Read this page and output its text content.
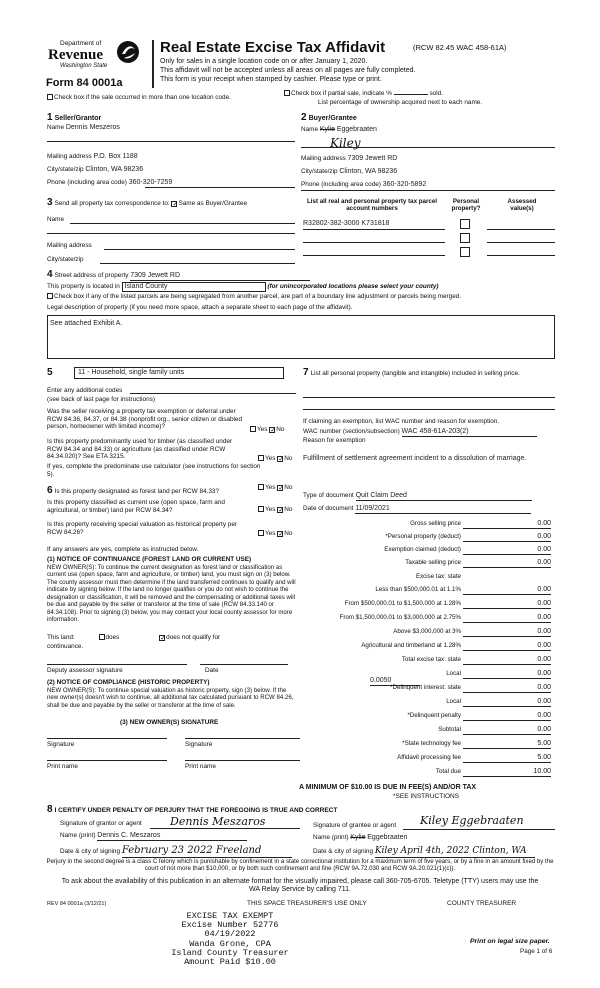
Department of
Revenue
Washington State
Form 84 0001a
Real Estate Excise Tax Affidavit	(RCW 82.45 WAC 458-61A)
Only for sales in a single location code on or after January 1, 2020.
This affidavit will not be accepted unless all areas on all pages are fully completed.
This form is your receipt when stamped by cashier. Please type or print.
Check box if the sale occurred in more than one location code.
Check box if partial sale, indicate %	sold.
List percentage of ownership acquired next to each name.
1 Seller/Grantor
Name Dennis Meszeros
Mailing address P.O. Box 1188
City/state/zip Clinton, WA 98236
Phone (including area code) 360-320-7259
2 Buyer/Grantee
Name Kylie Eggebraaten
Kiley
Mailing address 7309 Jewett RD
City/state/zip Clinton, WA 98236
Phone (including area code) 360-320-5892
3 Send all property tax correspondence to: ✓ Same as Buyer/Grantee
Name
Mailing address
City/state/zip
List all real and personal property tax parcel account numbers
Personal property?
Assessed value(s)
R32802-382-3000 K731818
4 Street address of property 7309 Jewett RD
This property is located in Island County	(for unincorporated locations please select your county)
Check box if any of the listed parcels are being segregated from another parcel, are part of a boundary line adjustment or parcels being merged.
Legal description of property (if you need more space, attach a separate sheet to each page of the affidavit).
See attached Exhibit A.
5	11 - Household, single family units
Enter any additional codes
(see back of last page for instructions)
Was the seller receiving a property tax exemption or deferral under RCW 84.36, 84.37, or 84.38 (nonprofit org., senior citizen or disabled person, homeowner with limited income)?	Yes ✓ No
Is this property predominantly used for timber (as classified under RCW 84.34 and 84.33) or agriculture (as classified under RCW 84.34.020)? See ETA 3215.	Yes ✓ No
If yes, complete the predominate use calculator (see instructions for section 5).
6 Is this property designated as forest land per RCW 84.33?
Yes ✓ No
Is this property classified as current use (open space, farm and agricultural, or timber) land per RCW 84.34?	Yes ✓ No
Is this property receiving special valuation as historical property per RCW 84.26?	Yes ✓ No
If any answers are yes, complete as instructed below.
(1) NOTICE OF CONTINUANCE (FOREST LAND OR CURRENT USE)
NEW OWNER(S): To continue the current designation as forest land or classification as current use (open space, farm and agriculture, or timber) land, you must sign on (3) below. The county assessor must then determine if the land transferred continues to qualify and will indicate by signing below. If the land no longer qualifies or you do not wish to continue the designation or classification, it will be removed and the compensating or additional taxes will be due and payable by the seller or transferor at the time of sale (RCW 84.33.140 or 84.34.108). Prior to signing (3) below, you may contact your local county assessor for more information.
This land:	does ✓	does not qualify for
continuance.
Deputy assessor signature	Date
(2) NOTICE OF COMPLIANCE (HISTORIC PROPERTY)
NEW OWNER(S): To continue special valuation as historic property, sign (3) below. If the new owner(s) doesn't wish to continue, all additional tax calculated pursuant to RCW 84.26, shall be due and payable by the seller or transferor at the time of sale.
(3) NEW OWNER(S) SIGNATURE
Signature	Signature
Print name	Print name
7 List all personal property (tangible and intangible) included in selling price.
If claiming an exemption, list WAC number and reason for exemption.
WAC number (section/subsection) WAC 458-61A-203(2)
Reason for exemption
Fulfillment of settlement agreement incident to a dissolution of marriage.
Type of document Quit Claim Deed
Date of document 11/09/2021
Gross selling price	0.00
*Personal property (deduct)	0.00
Exemption claimed (deduct)	0.00
Taxable selling price	0.00
Excise tax: state
Less than $500,000.01 at 1.1%	0.00
From $500,000.01 to $1,500,000 at 1.28%	0.00
From $1,500,000.01 to $3,000,000 at 2.75%	0.00
Above $3,000,000 at 3%	0.00
Agricultural and timberland at 1.28%	0.00
Total excise tax: state	0.00
Local	0.00
*Delinquent interest: state	0.00
Local	0.00
*Delinquent penalty	0.00
Subtotal	0.00
*State technology fee	5.00
Affidavit processing fee	5.00
Total due	10.00
0.0050
A MINIMUM OF $10.00 IS DUE IN FEE(S) AND/OR TAX
*SEE INSTRUCTIONS
8 I CERTIFY UNDER PENALTY OF PERJURY THAT THE FOREGOING IS TRUE AND CORRECT
Signature of grantor or agent	Dennis Meszaros
Name (print) Dennis C. Meszaros
Date & city of signing February 23 2022 Freeland
Signature of grantee or agent Kiley Eggebraaten
Name (print) Kylie Eggebraaten
Date & city of signing Kiley April 4th, 2022 Clinton, WA
Perjury in the second degree is a class C felony which is punishable by confinement in a state correctional institution for a maximum term of five years, or by a fine in an amount fixed by the court of not more than $10,000, or by both such confinement and fine (RCW 9A.72.030 and RCW 9A.20.021(1)(c)).
To ask about the availability of this publication in an alternate format for the visually impaired, please call 360-705-6705. Teletype (TTY) users may use the WA Relay Service by calling 711.
REV 84 0001a (3/12/21)	THIS SPACE TREASURER'S USE ONLY	COUNTY TREASURER
EXCISE TAX EXEMPT
Excise Number 52776
04/19/2022
Wanda Grone, CPA
Island County Treasurer
Amount Paid $10.00
Print on legal size paper.
Page 1 of 6
